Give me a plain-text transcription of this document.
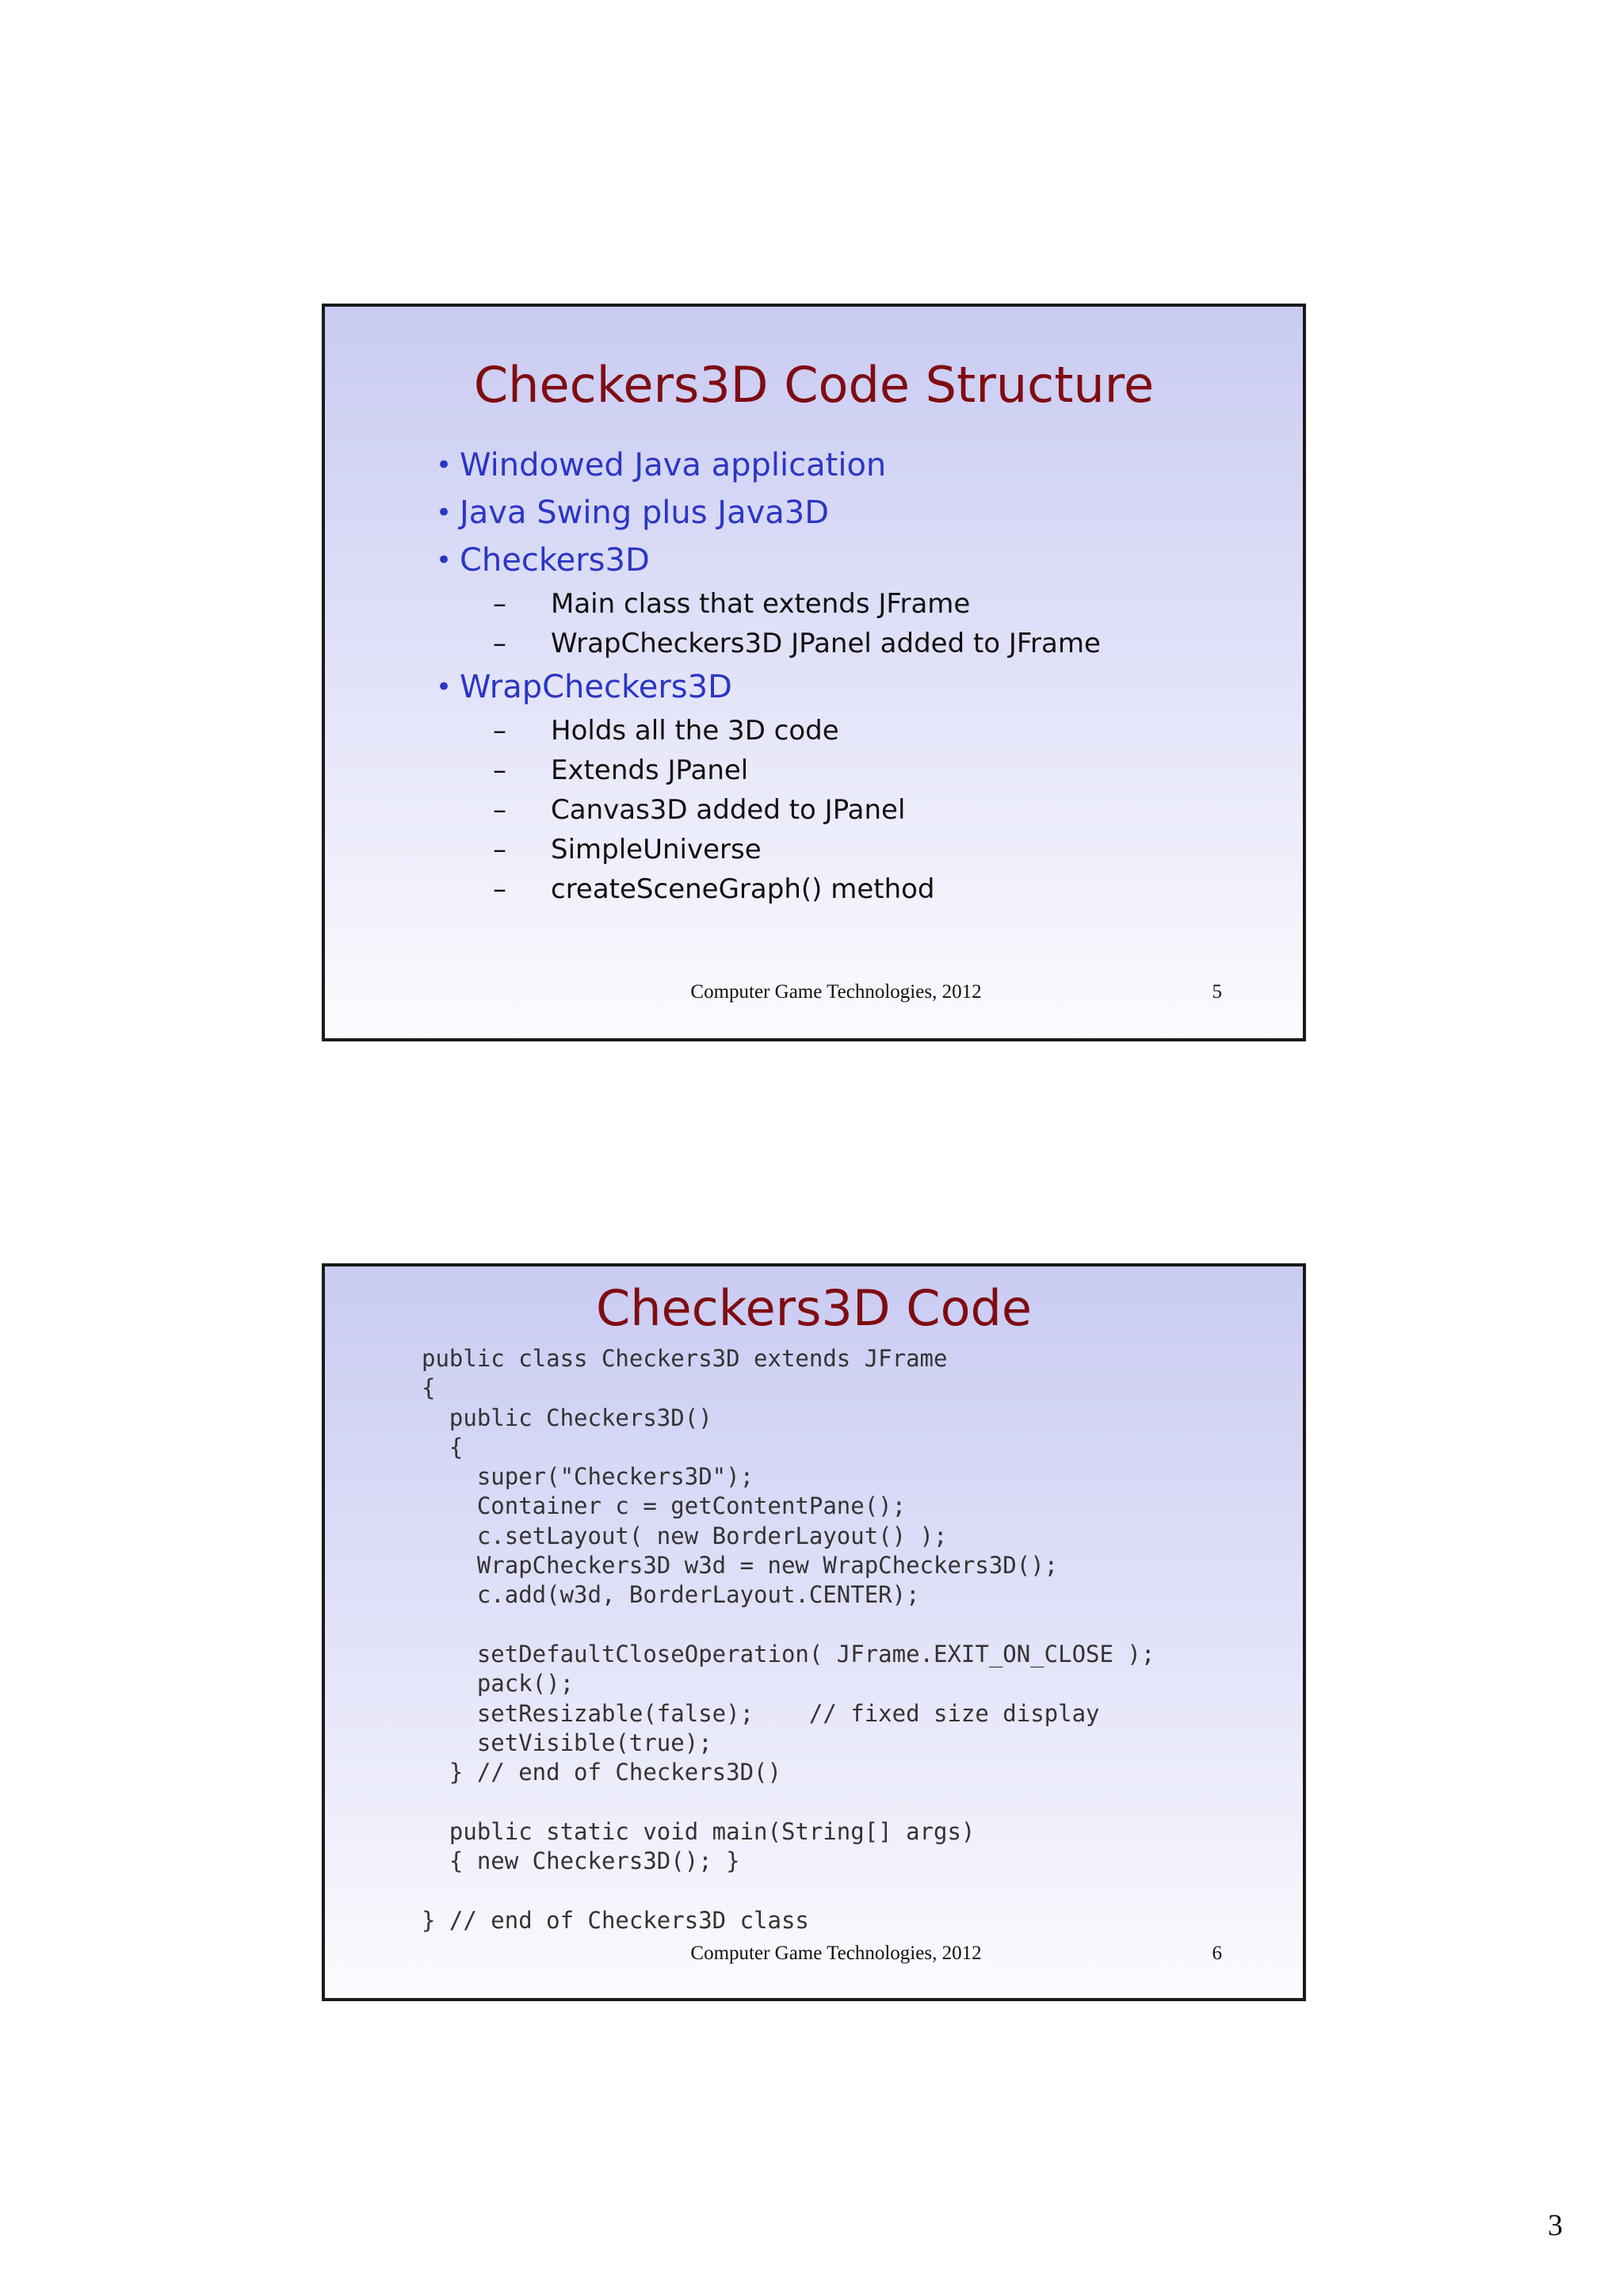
Checkers3D Code Structure
• Windowed Java application
• Java Swing plus Java3D
• Checkers3D
– Main class that extends JFrame
– WrapCheckers3D JPanel added to JFrame
• WrapCheckers3D
– Holds all the 3D code
– Extends JPanel
– Canvas3D added to JPanel
– SimpleUniverse
– createSceneGraph() method
Computer Game Technologies, 2012	5
Checkers3D Code
public class Checkers3D extends JFrame
{
public Checkers3D()
{
super("Checkers3D");
Container c = getContentPane();
c.setLayout( new BorderLayout() );
WrapCheckers3D w3d = new WrapCheckers3D();
c.add(w3d, BorderLayout.CENTER);

setDefaultCloseOperation( JFrame.EXIT_ON_CLOSE );
pack();
setResizable(false);    // fixed size display
setVisible(true);
} // end of Checkers3D()

public static void main(String[] args)
{ new Checkers3D(); }

} // end of Checkers3D class
Computer Game Technologies, 2012	6
3
